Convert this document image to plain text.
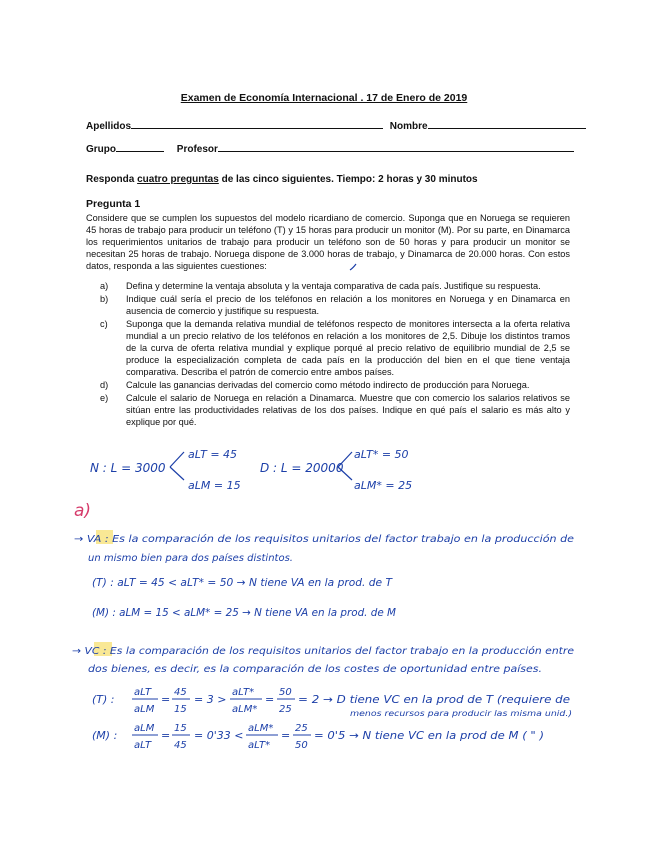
Examen de Economía Internacional . 17 de Enero de 2019
Apellidos	Nombre
Grupo	Profesor
Responda cuatro preguntas de las cinco siguientes. Tiempo: 2 horas y 30 minutos
Pregunta 1
Considere que se cumplen los supuestos del modelo ricardiano de comercio. Suponga que en Noruega se requieren 45 horas de trabajo para producir un teléfono (T) y 15 horas para producir un monitor (M). Por su parte, en Dinamarca los requerimientos unitarios de trabajo para producir un teléfono son de 50 horas y para producir un monitor se necesitan 25 horas de trabajo. Noruega dispone de 3.000 horas de trabajo, y Dinamarca de 20.000 horas. Con estos datos, responda a las siguientes cuestiones:
a) Defina y determine la ventaja absoluta y la ventaja comparativa de cada país. Justifique su respuesta.
b) Indique cuál sería el precio de los teléfonos en relación a los monitores en Noruega y en Dinamarca en ausencia de comercio y justifique su respuesta.
c) Suponga que la demanda relativa mundial de teléfonos respecto de monitores intersecta a la oferta relativa mundial a un precio relativo de los teléfonos en relación a los monitores de 2,5. Dibuje los distintos tramos de la curva de oferta relativa mundial y explique porqué al precio relativo de equilibrio mundial de 2,5 se produce la especialización completa de cada país en la producción del bien en el que tiene ventaja comparativa. Describa el patrón de comercio entre ambos países.
d) Calcule las ganancias derivadas del comercio como método indirecto de producción para Noruega.
e) Calcule el salario de Noruega en relación a Dinamarca. Muestre que con comercio los salarios relativos se sitúan entre las productividades relativas de los dos países. Indique en qué país el salario es más alto y explique por qué.
N : L = 3000
aLT = 45
aLM = 15
D : L = 20000
aLT* = 50
aLM* = 25
a)
→ VA : Es la comparación de los requisitos unitarios del factor trabajo en la producción de
un mismo bien para dos países distintos.
(T) : aLT = 45 < aLT* = 50 → N tiene VA en la prod. de T
(M) : aLM = 15 < aLM* = 25 → N tiene VA en la prod. de M
→ VC : Es la comparación de los requisitos unitarios del factor trabajo en la producción entre
dos bienes, es decir, es la comparación de los costes de oportunidad entre países.
(T) :
aLT
aLM
=
45
15
= 3 >
aLT*
aLM*
=
50
25
= 2 → D tiene VC en la prod de T (requiere de
menos recursos para producir las misma unid.)
(M) :
aLM
aLT
=
15
45
= 0'33 <
aLM*
aLT*
=
25
50
= 0'5 → N tiene VC en la prod de M ( " )
